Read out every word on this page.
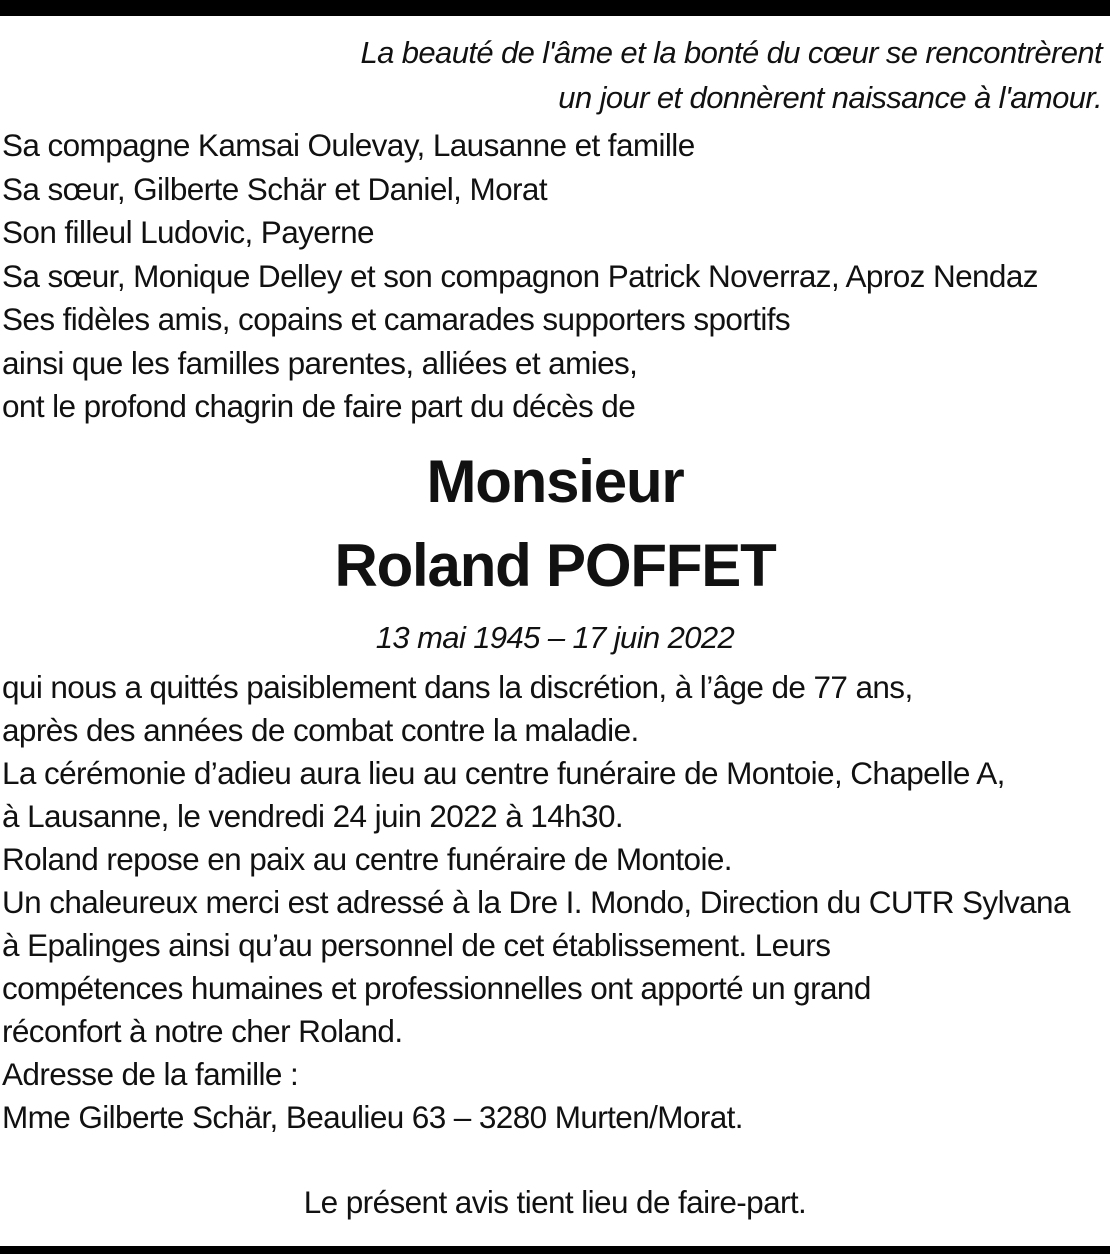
La beauté de l'âme et la bonté du cœur se rencontrèrent
un jour et donnèrent naissance à l'amour.
Sa compagne Kamsai Oulevay, Lausanne et famille
Sa sœur, Gilberte Schär et Daniel, Morat
Son filleul Ludovic, Payerne
Sa sœur, Monique Delley et son compagnon Patrick Noverraz, Aproz Nendaz
Ses fidèles amis, copains et camarades supporters sportifs
ainsi que les familles parentes, alliées et amies,
ont le profond chagrin de faire part du décès de
Monsieur
Roland POFFET
13 mai 1945 – 17 juin 2022
qui nous a quittés paisiblement dans la discrétion, à l’âge de 77 ans,
après des années de combat contre la maladie.
La cérémonie d’adieu aura lieu au centre funéraire de Montoie, Chapelle A,
à Lausanne, le vendredi 24 juin 2022 à 14h30.
Roland repose en paix au centre funéraire de Montoie.
Un chaleureux merci est adressé à la Dre I. Mondo, Direction du CUTR Sylvana
à Epalinges ainsi qu’au personnel de cet établissement. Leurs
compétences humaines et professionnelles ont apporté un grand
réconfort à notre cher Roland.
Adresse de la famille :
Mme Gilberte Schär, Beaulieu 63 – 3280 Murten/Morat.
Le présent avis tient lieu de faire-part.
